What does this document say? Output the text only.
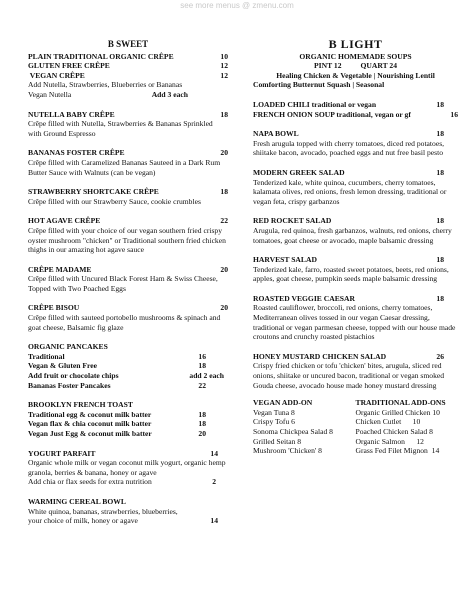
see more menus @ zmenu.com
B SWEET
PLAIN TRADITIONAL ORGANIC CRÊPE	10
GLUTEN FREE CRÊPE	12
VEGAN CRÊPE	12
Add Nutella, Strawberries, Blueberries or Bananas
Vegan Nutella	Add 3 each
NUTELLA BABY CRÊPE	18
Crêpe filled with Nutella, Strawberries & Bananas Sprinkled with Ground Espresso
BANANAS FOSTER CRÊPE	20
Crêpe filled with Caramelized Bananas Sauteed in a Dark Rum Butter Sauce with Walnuts (can be vegan)
STRAWBERRY SHORTCAKE CRÊPE	18
Crêpe filled with our Strawberry Sauce, cookie crumbles
HOT AGAVE CRÊPE	22
Crêpe filled with your choice of our vegan southern fried crispy oyster mushroom "chicken" or Traditional southern fried chicken thighs in our amazing hot agave sauce
CRÊPE MADAME	20
Crêpe filled with Uncured Black Forest Ham & Swiss Cheese, Topped with Two Poached Eggs
CRÊPE BISOU	20
Crêpe filled with sauteed portobello mushrooms & spinach and goat cheese, Balsamic fig glaze
ORGANIC PANCAKES
Traditional	16
Vegan & Gluten Free	18
Add fruit or chocolate chips	add 2 each
Bananas Foster Pancakes	22
BROOKLYN FRENCH TOAST
Traditional egg & coconut milk batter	18
Vegan flax & chia coconut milk batter	18
Vegan Just Egg & coconut milk batter	20
YOGURT PARFAIT	14
Organic whole milk or vegan coconut milk yogurt, organic hemp granola, berries & banana, honey or agave
Add chia or flax seeds for extra nutrition	2
WARMING CEREAL BOWL
White quinoa, bananas, strawberries, blueberries,
your choice of milk, honey or agave	14
B LIGHT
ORGANIC HOMEMADE SOUPS
PINT 12          QUART 24
Healing Chicken & Vegetable | Nourishing Lentil
Comforting Butternut Squash | Seasonal
LOADED CHILI traditional or vegan	18
FRENCH ONION SOUP traditional, vegan or gf	16
NAPA BOWL	18
Fresh arugula topped with cherry tomatoes, diced red potatoes, shiitake bacon, avocado, poached eggs and nut free basil pesto
MODERN GREEK SALAD	18
Tenderized kale, white quinoa, cucumbers, cherry tomatoes, kalamata olives, red onions, fresh lemon dressing, traditional or vegan feta, crispy garbanzos
RED ROCKET SALAD	18
Arugula, red quinoa, fresh garbanzos, walnuts, red onions, cherry tomatoes, goat cheese or avocado, maple balsamic dressing
HARVEST SALAD	18
Tenderized kale, farro, roasted sweet potatoes, beets, red onions, apples, goat cheese, pumpkin seeds maple balsamic dressing
ROASTED VEGGIE CAESAR	18
Roasted cauliflower, broccoli, red onions, cherry tomatoes, Mediterranean olives tossed in our vegan Caesar dressing, traditional or vegan parmesan cheese, topped with our house made croutons and crunchy roasted pistachios
HONEY MUSTARD CHICKEN SALAD	26
Crispy fried chicken or tofu 'chicken' bites, arugula, sliced red onions, shiitake or uncured bacon, traditional or vegan smoked Gouda cheese, avocado house made honey mustard dressing
VEGAN ADD-ON
Vegan Tuna 8
Crispy Tofu 6
Sonoma Chickpea Salad 8
Grilled Seitan 8
Mushroom 'Chicken' 8
TRADITIONAL ADD-ONS
Organic Grilled Chicken 10
Chicken Cutlet      10
Poached Chicken Salad 8
Organic Salmon      12
Grass Fed Filet Mignon  14
